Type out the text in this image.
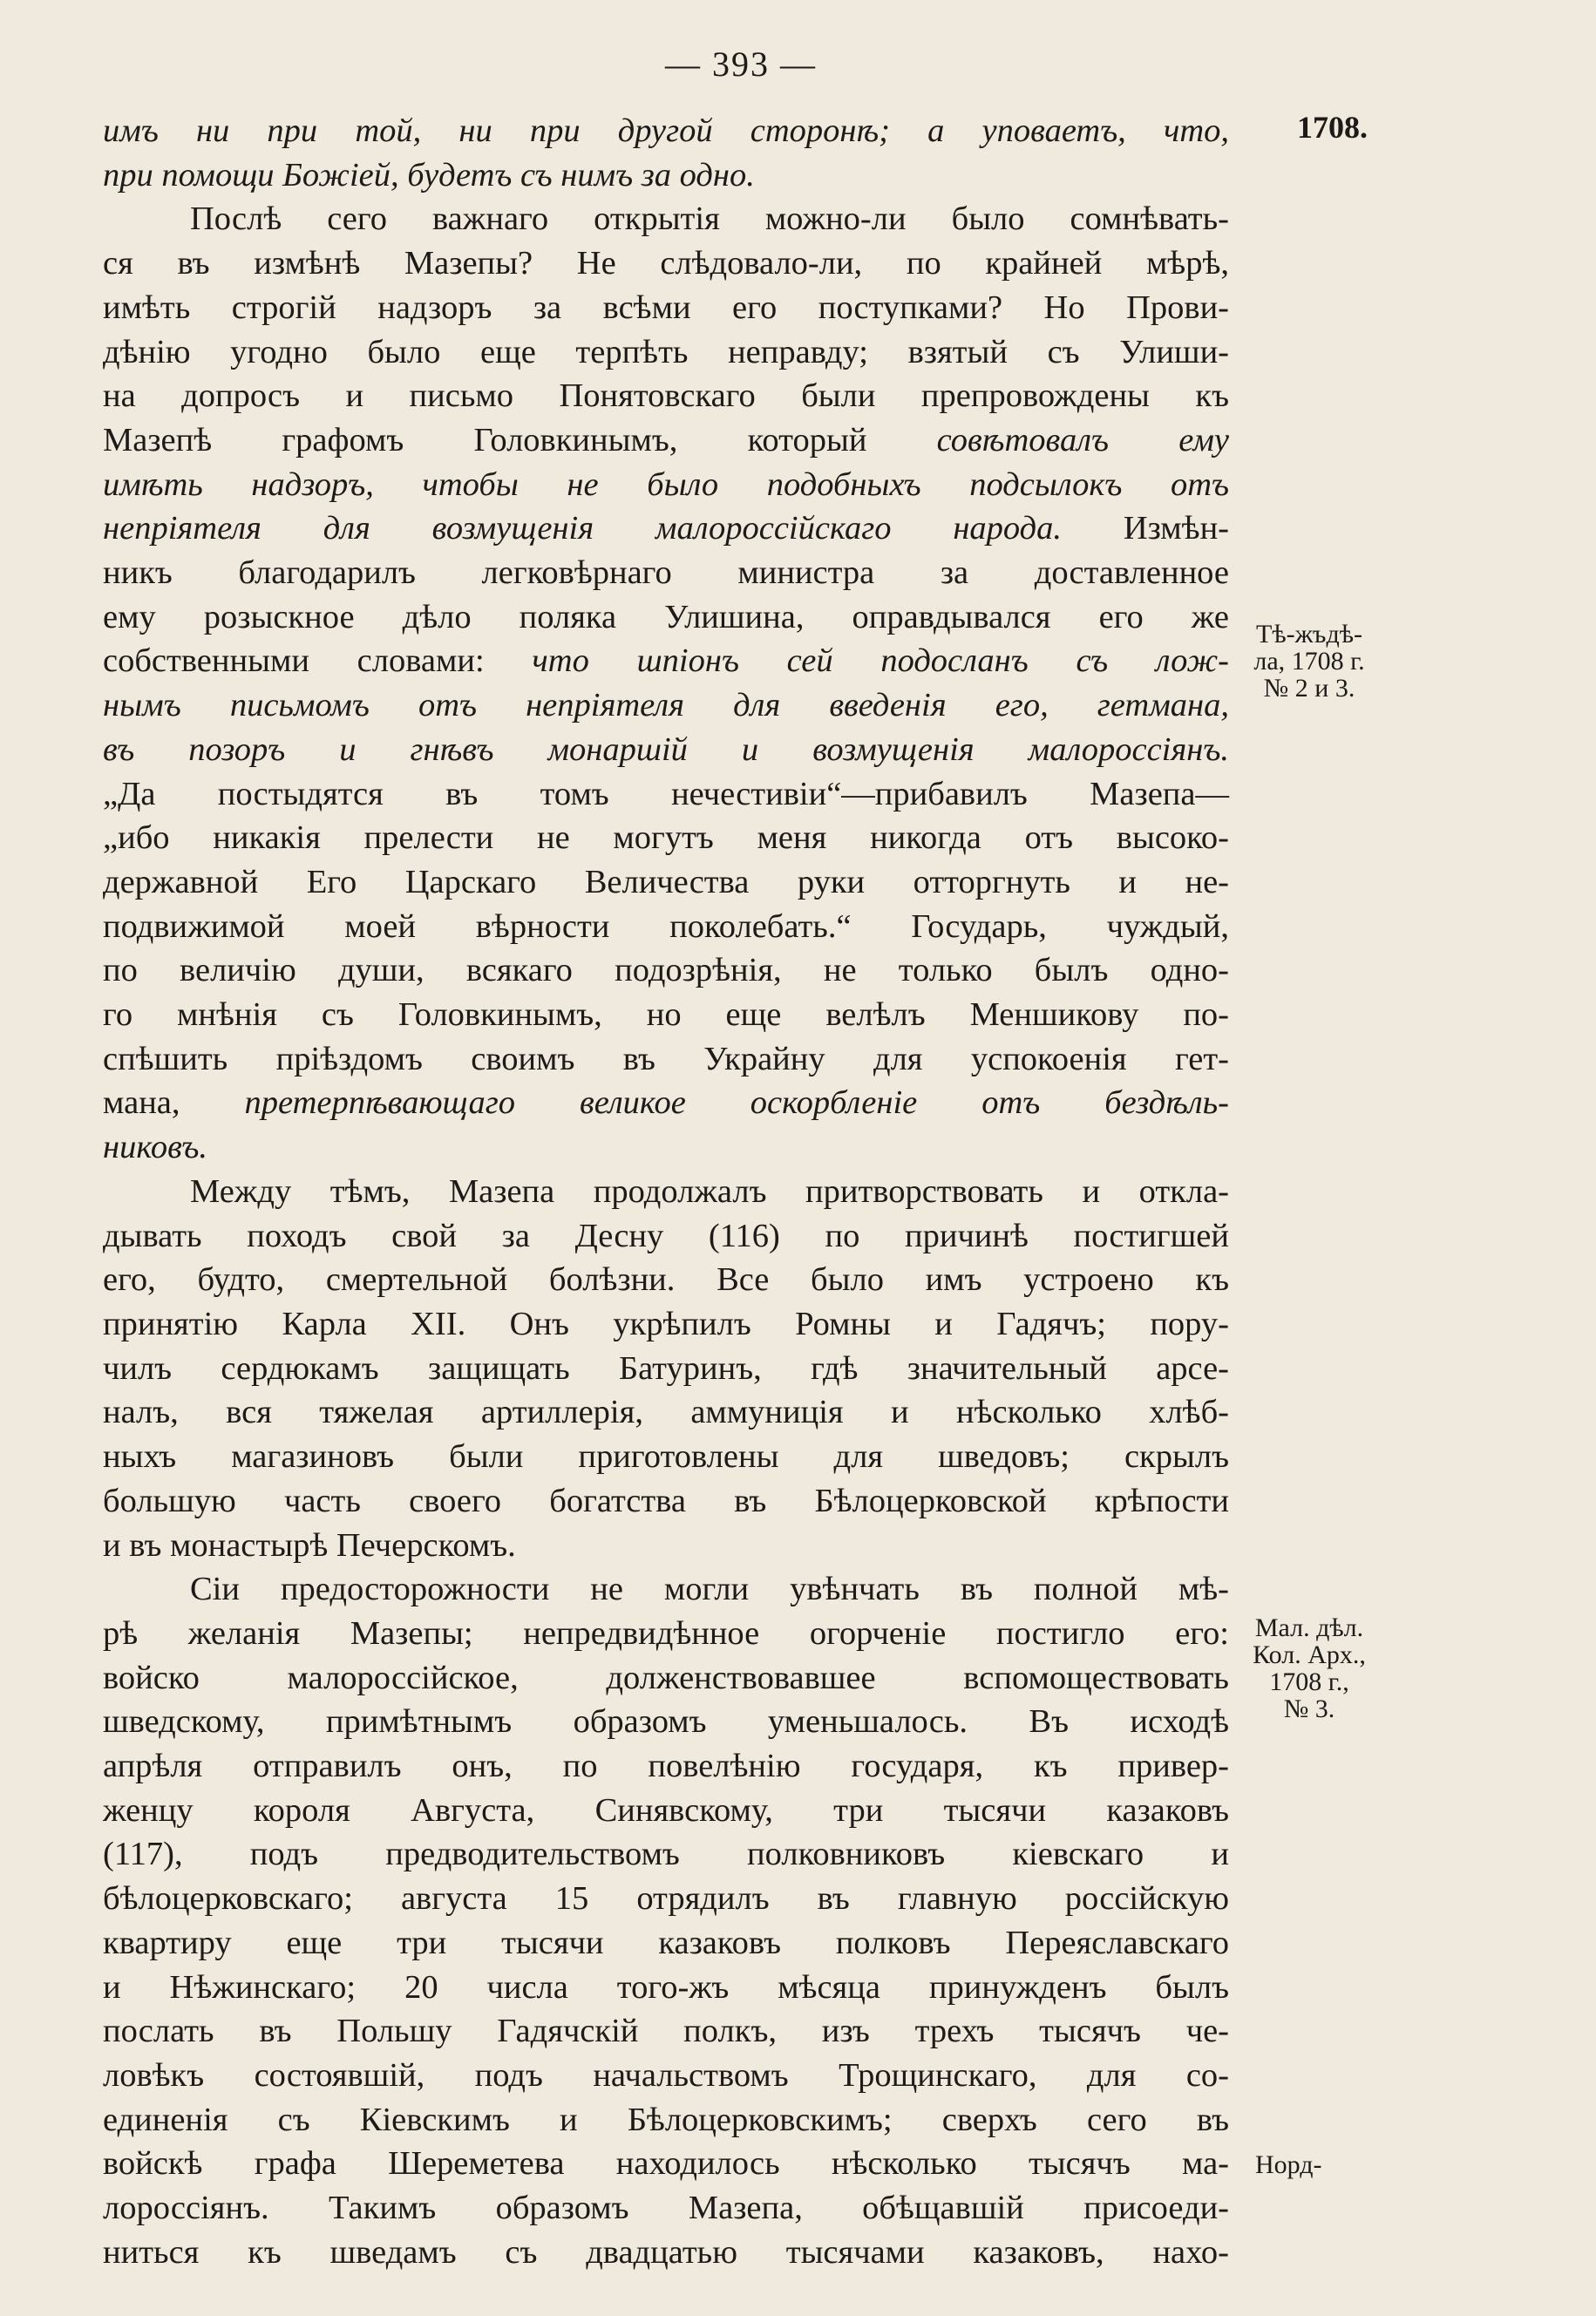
— 393 —
1708.
имъ ни при той, ни при другой сторонѣ; а уповаетъ, что,
при помощи Божіей, будетъ съ нимъ за одно.
Послѣ сего важнаго открытія можно-ли было сомнѣвать-
ся въ измѣнѣ Мазепы? Не слѣдовало-ли, по крайней мѣрѣ,
имѣть строгій надзоръ за всѣми его поступками? Но Прови-
дѣнію угодно было еще терпѣть неправду; взятый съ Улиши-
на допросъ и письмо Понятовскаго были препровождены къ
Мазепѣ графомъ Головкинымъ, который совѣтовалъ ему
имѣть надзоръ, чтобы не было подобныхъ подсылокъ отъ
непріятеля для возмущенія малороссійскаго народа. Измѣн-
никъ благодарилъ легковѣрнаго министра за доставленное
ему розыскное дѣло поляка Улишина, оправдывался его же
собственными словами: что шпіонъ сей подосланъ съ лож-
нымъ письмомъ отъ непріятеля для введенія его, гетмана,
въ позоръ и гнѣвъ монаршій и возмущенія малороссіянъ.
„Да постыдятся въ томъ нечестивіи“—прибавилъ Мазепа—
„ибо никакія прелести не могутъ меня никогда отъ высоко-
державной Его Царскаго Величества руки отторгнуть и не-
подвижимой моей вѣрности поколебать.“ Государь, чуждый,
по величію души, всякаго подозрѣнія, не только былъ одно-
го мнѣнія съ Головкинымъ, но еще велѣлъ Меншикову по-
спѣшить пріѣздомъ своимъ въ Украйну для успокоенія гет-
мана, претерпѣвающаго великое оскорбленіе отъ бездѣль-
никовъ.
Между тѣмъ, Мазепа продолжалъ притворствовать и откла-
дывать походъ свой за Десну (116) по причинѣ постигшей
его, будто, смертельной болѣзни. Все было имъ устроено къ
принятію Карла XII. Онъ укрѣпилъ Ромны и Гадячъ; пору-
чилъ сердюкамъ защищать Батуринъ, гдѣ значительный арсе-
налъ, вся тяжелая артиллерія, аммуниція и нѣсколько хлѣб-
ныхъ магазиновъ были приготовлены для шведовъ; скрылъ
большую часть своего богатства въ Бѣлоцерковской крѣпости
и въ монастырѣ Печерскомъ.
Сіи предосторожности не могли увѣнчать въ полной мѣ-
рѣ желанія Мазепы; непредвидѣнное огорченіе постигло его:
войско малороссійское, долженствовавшее вспомоществовать
шведскому, примѣтнымъ образомъ уменьшалось. Въ исходѣ
апрѣля отправилъ онъ, по повелѣнію государя, къ привер-
женцу короля Августа, Синявскому, три тысячи казаковъ
(117), подъ предводительствомъ полковниковъ кіевскаго и
бѣлоцерковскаго; августа 15 отрядилъ въ главную россійскую
квартиру еще три тысячи казаковъ полковъ Переяславскаго
и Нѣжинскаго; 20 числа того-жъ мѣсяца принужденъ былъ
послать въ Польшу Гадячскій полкъ, изъ трехъ тысячъ че-
ловѣкъ состоявшій, подъ начальствомъ Трощинскаго, для со-
единенія съ Кіевскимъ и Бѣлоцерковскимъ; сверхъ сего въ
войскѣ графа Шереметева находилось нѣсколько тысячъ ма-
лороссіянъ. Такимъ образомъ Мазепа, обѣщавшій присоеди-
ниться къ шведамъ съ двадцатью тысячами казаковъ, нахо-
Тѣ-жъдѣ-
ла, 1708 г.
№ 2 и 3.
Мал. дѣл.
Кол. Арх.,
1708 г.,
№ 3.
Норд-
